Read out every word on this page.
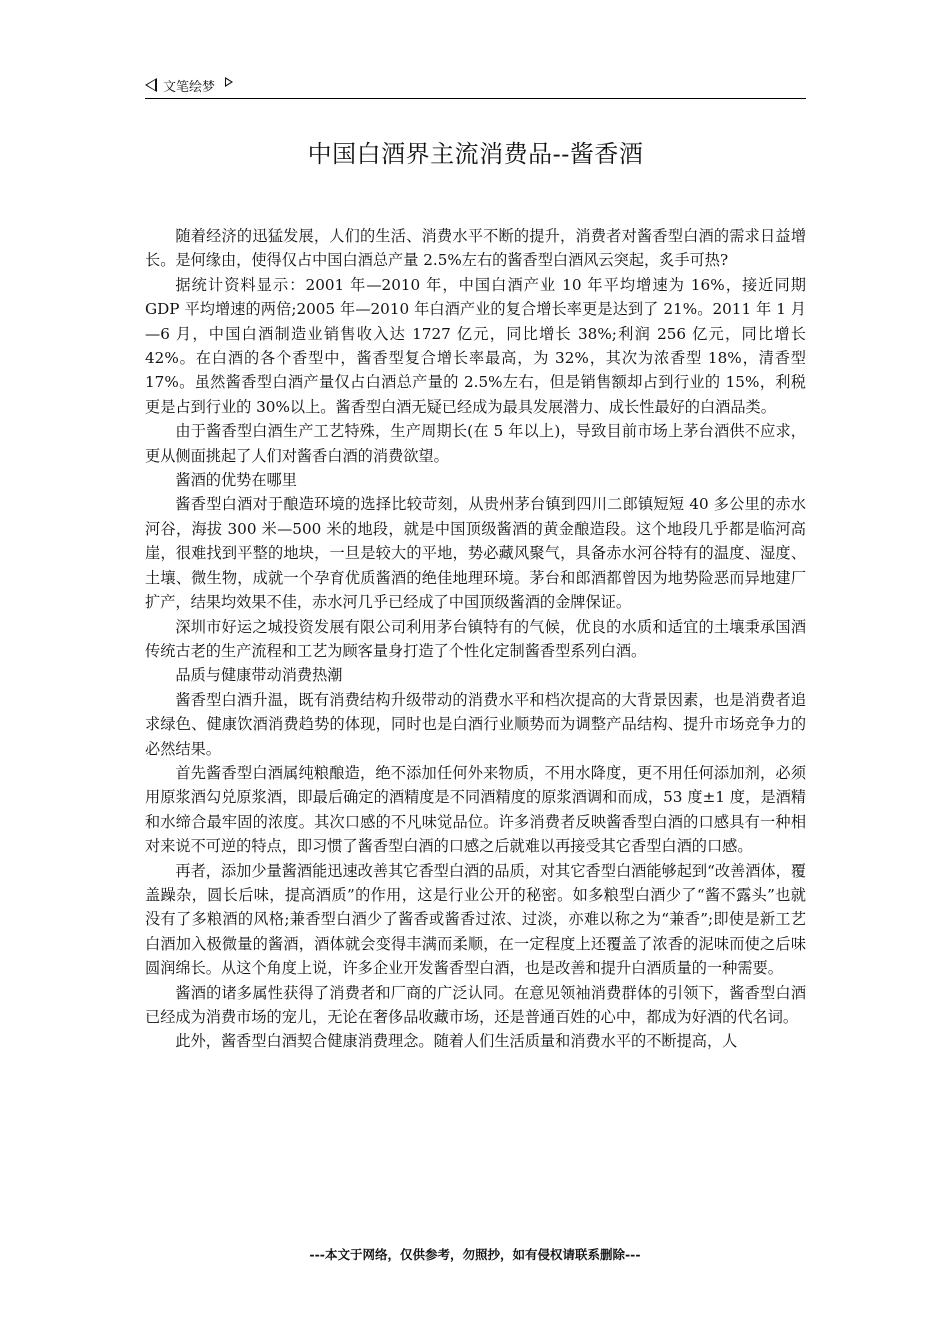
文笔绘梦
中国白酒界主流消费品--酱香酒

随着经济的迅猛发展，人们的生活、消费水平不断的提升，消费者对酱香型白酒的需求日益增长。是何缘由，使得仅占中国白酒总产量 2.5%左右的酱香型白酒风云突起，炙手可热?

据统计资料显示：2001 年—2010 年，中国白酒产业 10 年平均增速为 16%，接近同期 GDP 平均增速的两倍;2005 年—2010 年白酒产业的复合增长率更是达到了 21%。2011 年 1 月—6 月，中国白酒制造业销售收入达 1727 亿元，同比增长 38%;利润 256 亿元，同比增长 42%。在白酒的各个香型中，酱香型复合增长率最高，为 32%，其次为浓香型 18%，清香型 17%。虽然酱香型白酒产量仅占白酒总产量的 2.5%左右，但是销售额却占到行业的 15%，利税更是占到行业的 30%以上。酱香型白酒无疑已经成为最具发展潜力、成长性最好的白酒品类。

由于酱香型白酒生产工艺特殊，生产周期长(在 5 年以上)，导致目前市场上茅台酒供不应求，更从侧面挑起了人们对酱香白酒的消费欲望。

酱酒的优势在哪里

酱香型白酒对于酿造环境的选择比较苛刻，从贵州茅台镇到四川二郎镇短短 40 多公里的赤水河谷，海拔 300 米—500 米的地段，就是中国顶级酱酒的黄金酿造段。这个地段几乎都是临河高崖，很难找到平整的地块，一旦是较大的平地，势必藏风聚气，具备赤水河谷特有的温度、湿度、土壤、微生物，成就一个孕育优质酱酒的绝佳地理环境。茅台和郎酒都曾因为地势险恶而异地建厂扩产，结果均效果不佳，赤水河几乎已经成了中国顶级酱酒的金牌保证。

深圳市好运之城投资发展有限公司利用茅台镇特有的气候，优良的水质和适宜的土壤秉承国酒传统古老的生产流程和工艺为顾客量身打造了个性化定制酱香型系列白酒。

品质与健康带动消费热潮

酱香型白酒升温，既有消费结构升级带动的消费水平和档次提高的大背景因素，也是消费者追求绿色、健康饮酒消费趋势的体现，同时也是白酒行业顺势而为调整产品结构、提升市场竞争力的必然结果。

首先酱香型白酒属纯粮酿造，绝不添加任何外来物质，不用水降度，更不用任何添加剂，必须用原浆酒勾兑原浆酒，即最后确定的酒精度是不同酒精度的原浆酒调和而成，53 度±1 度，是酒精和水缔合最牢固的浓度。其次口感的不凡味觉品位。许多消费者反映酱香型白酒的口感具有一种相对来说不可逆的特点，即习惯了酱香型白酒的口感之后就难以再接受其它香型白酒的口感。

再者，添加少量酱酒能迅速改善其它香型白酒的品质，对其它香型白酒能够起到“改善酒体，覆盖躁杂，圆长后味，提高酒质”的作用，这是行业公开的秘密。如多粮型白酒少了“酱不露头”也就没有了多粮酒的风格;兼香型白酒少了酱香或酱香过浓、过淡，亦难以称之为“兼香”;即使是新工艺白酒加入极微量的酱酒，酒体就会变得丰满而柔顺，在一定程度上还覆盖了浓香的泥味而使之后味圆润绵长。从这个角度上说，许多企业开发酱香型白酒，也是改善和提升白酒质量的一种需要。

酱酒的诸多属性获得了消费者和厂商的广泛认同。在意见领袖消费群体的引领下，酱香型白酒已经成为消费市场的宠儿，无论在奢侈品收藏市场，还是普通百姓的心中，都成为好酒的代名词。

此外，酱香型白酒契合健康消费理念。随着人们生活质量和消费水平的不断提高，人

---本文于网络，仅供参考，勿照抄，如有侵权请联系删除---
